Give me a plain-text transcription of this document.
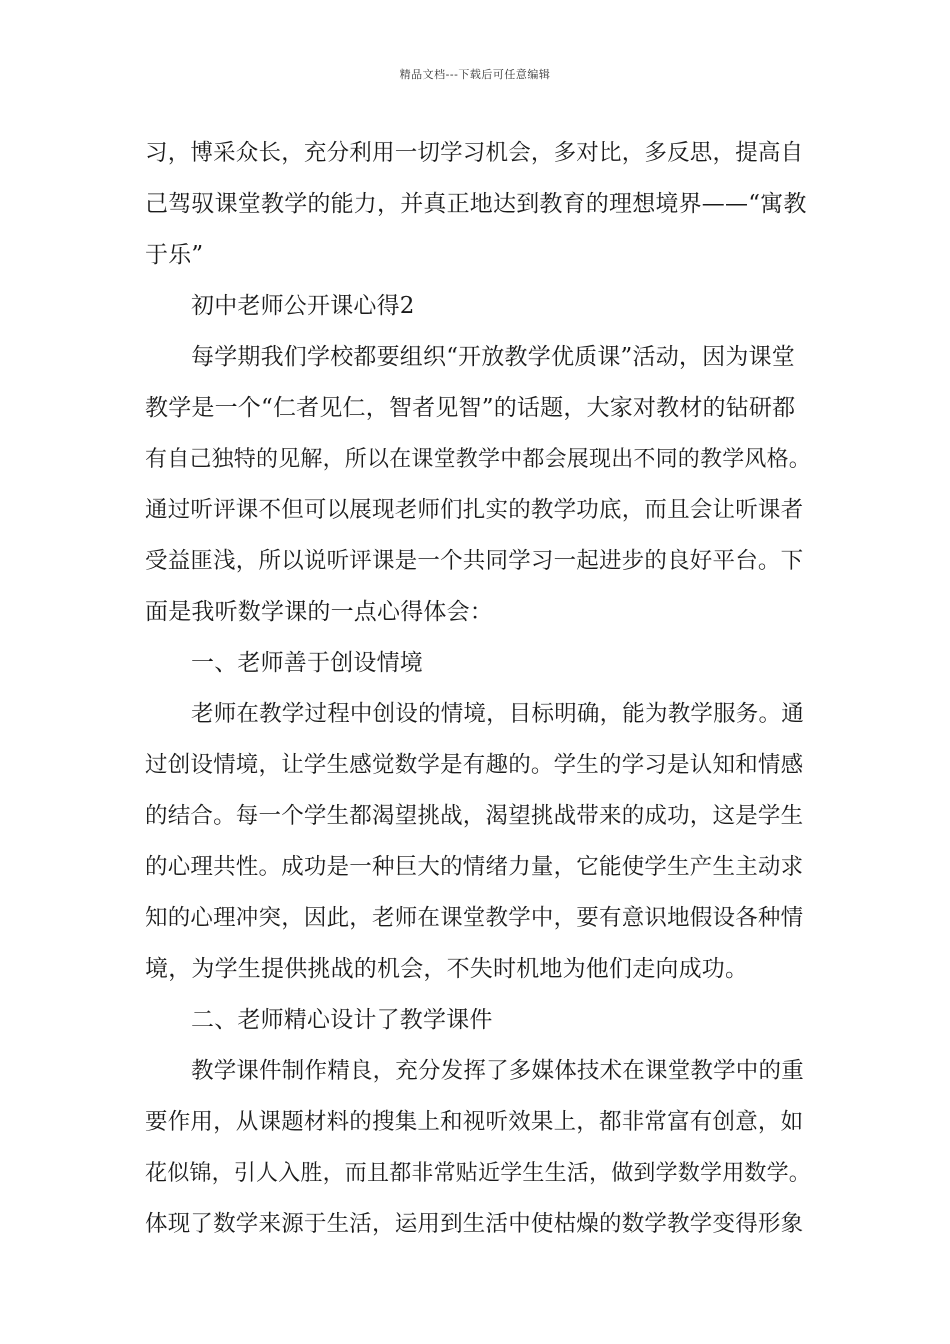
精品文档---下载后可任意编辑
习，博采众长，充分利用一切学习机会，多对比，多反思，提高自
己驾驭课堂教学的能力，并真正地达到教育的理想境界——“寓教
于乐”
初中老师公开课心得2
每学期我们学校都要组织“开放教学优质课”活动，因为课堂
教学是一个“仁者见仁，智者见智”的话题，大家对教材的钻研都
有自己独特的见解，所以在课堂教学中都会展现出不同的教学风格。
通过听评课不但可以展现老师们扎实的教学功底，而且会让听课者
受益匪浅，所以说听评课是一个共同学习一起进步的良好平台。下
面是我听数学课的一点心得体会：
一、老师善于创设情境
老师在教学过程中创设的情境，目标明确，能为教学服务。通
过创设情境，让学生感觉数学是有趣的。学生的学习是认知和情感
的结合。每一个学生都渴望挑战，渴望挑战带来的成功，这是学生
的心理共性。成功是一种巨大的情绪力量，它能使学生产生主动求
知的心理冲突，因此，老师在课堂教学中，要有意识地假设各种情
境，为学生提供挑战的机会，不失时机地为他们走向成功。
二、老师精心设计了教学课件
教学课件制作精良，充分发挥了多媒体技术在课堂教学中的重
要作用，从课题材料的搜集上和视听效果上，都非常富有创意，如
花似锦，引人入胜，而且都非常贴近学生生活，做到学数学用数学。
体现了数学来源于生活，运用到生活中使枯燥的数学教学变得形象
